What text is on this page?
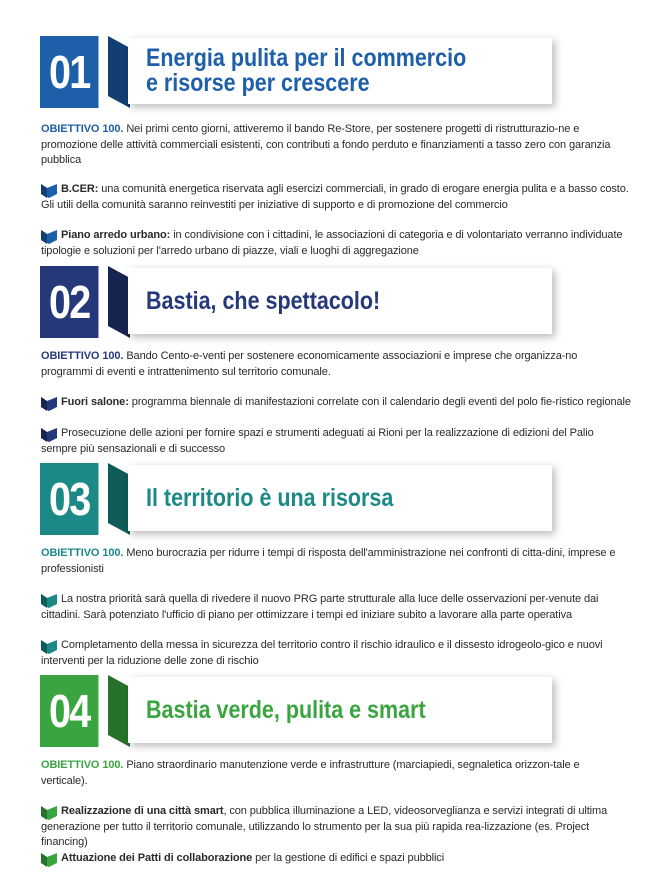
01	Energia pulita per il commercio
e risorse per crescere
OBIETTIVO 100. Nei primi cento giorni, attiveremo il bando Re-Store, per sostenere progetti di ristrutturazio-ne e promozione delle attività commerciali esistenti, con contributi a fondo perduto e finanziamenti a tasso zero con garanzia pubblica
B.CER: una comunità energetica riservata agli esercizi commerciali, in grado di erogare energia pulita e a basso costo. Gli utili della comunità saranno reinvestiti per iniziative di supporto e di promozione del commercio
Piano arredo urbano: in condivisione con i cittadini, le associazioni di categoria e di volontariato verranno individuate tipologie e soluzioni per l'arredo urbano di piazze, viali e luoghi di aggregazione
02	Bastia, che spettacolo!
OBIETTIVO 100. Bando Cento-e-venti per sostenere economicamente associazioni e imprese che organizza-no programmi di eventi e intrattenimento sul territorio comunale.
Fuori salone: programma biennale di manifestazioni correlate con il calendario degli eventi del polo fie-ristico regionale
Prosecuzione delle azioni per fornire spazi e strumenti adeguati ai Rioni per la realizzazione di edizioni del Palio sempre più sensazionali e di successo
03	Il territorio è una risorsa
OBIETTIVO 100. Meno burocrazia per ridurre i tempi di risposta dell'amministrazione nei confronti di citta-dini, imprese e professionisti
La nostra priorità sarà quella di rivedere il nuovo PRG parte strutturale alla luce delle osservazioni per-venute dai cittadini. Sarà potenziato l'ufficio di piano per ottimizzare i tempi ed iniziare subito a lavorare alla parte operativa
Completamento della messa in sicurezza del territorio contro il rischio idraulico e il dissesto idrogeolo-gico e nuovi interventi per la riduzione delle zone di rischio
04	Bastia verde, pulita e smart
OBIETTIVO 100. Piano straordinario manutenzione verde e infrastrutture (marciapiedi, segnaletica orizzon-tale e verticale).
Realizzazione di una città smart, con pubblica illuminazione a LED, videosorveglianza e servizi integrati di ultima generazione per tutto il territorio comunale, utilizzando lo strumento per la sua più rapida rea-lizzazione (es. Project financing)
Attuazione dei Patti di collaborazione per la gestione di edifici e spazi pubblici
